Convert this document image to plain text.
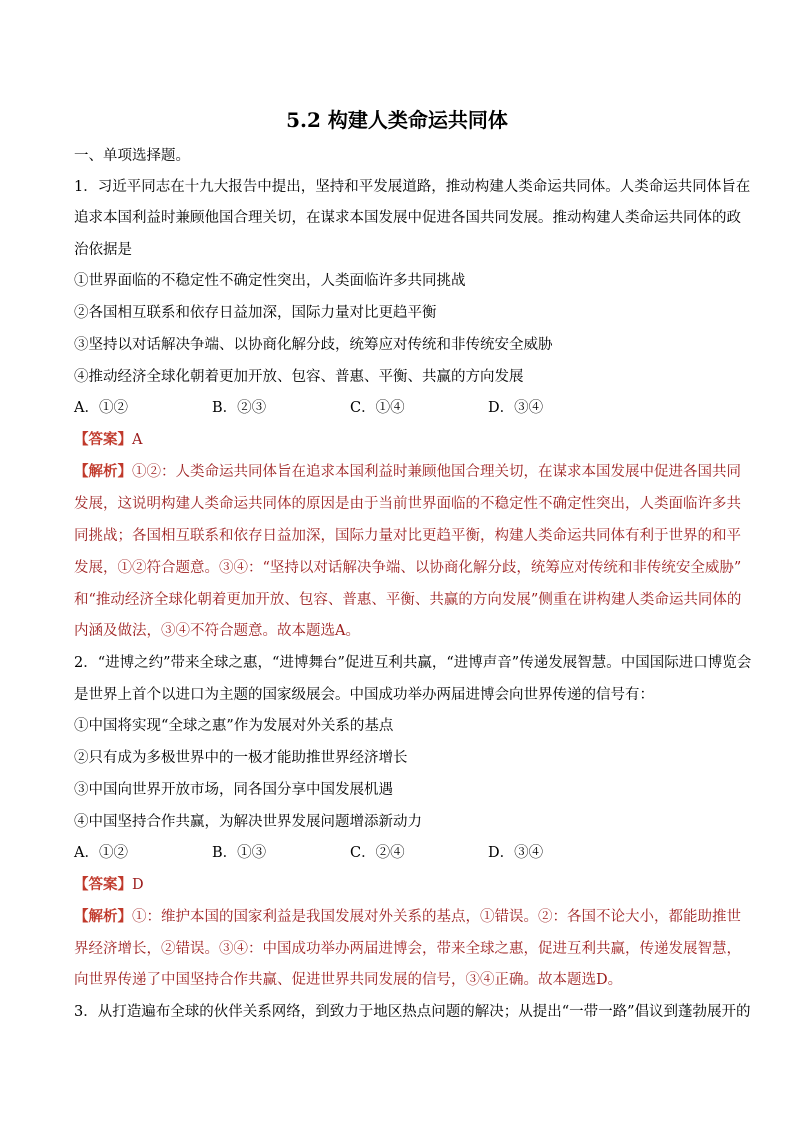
5.2 构建人类命运共同体
一、单项选择题。
1．习近平同志在十九大报告中提出，坚持和平发展道路，推动构建人类命运共同体。人类命运共同体旨在
追求本国利益时兼顾他国合理关切，在谋求本国发展中促进各国共同发展。推动构建人类命运共同体的政
治依据是
①世界面临的不稳定性不确定性突出，人类面临许多共同挑战
②各国相互联系和依存日益加深，国际力量对比更趋平衡
③坚持以对话解决争端、以协商化解分歧，统筹应对传统和非传统安全威胁
④推动经济全球化朝着更加开放、包容、普惠、平衡、共赢的方向发展
A．①②	B．②③	C．①④	D．③④
【答案】A
【解析】①②：人类命运共同体旨在追求本国利益时兼顾他国合理关切，在谋求本国发展中促进各国共同
发展，这说明构建人类命运共同体的原因是由于当前世界面临的不稳定性不确定性突出，人类面临许多共
同挑战；各国相互联系和依存日益加深，国际力量对比更趋平衡，构建人类命运共同体有利于世界的和平
发展，①②符合题意。③④：“坚持以对话解决争端、以协商化解分歧，统筹应对传统和非传统安全威胁”
和“推动经济全球化朝着更加开放、包容、普惠、平衡、共赢的方向发展”侧重在讲构建人类命运共同体的
内涵及做法，③④不符合题意。故本题选A。
2．“进博之约”带来全球之惠，“进博舞台”促进互利共赢，“进博声音”传递发展智慧。中国国际进口博览会
是世界上首个以进口为主题的国家级展会。中国成功举办两届进博会向世界传递的信号有：
①中国将实现“全球之惠”作为发展对外关系的基点
②只有成为多极世界中的一极才能助推世界经济增长
③中国向世界开放市场，同各国分享中国发展机遇
④中国坚持合作共赢，为解决世界发展问题增添新动力
A．①②	B．①③	C．②④	D．③④
【答案】D
【解析】①：维护本国的国家利益是我国发展对外关系的基点，①错误。②：各国不论大小，都能助推世
界经济增长，②错误。③④：中国成功举办两届进博会，带来全球之惠，促进互利共赢，传递发展智慧，
向世界传递了中国坚持合作共赢、促进世界共同发展的信号，③④正确。故本题选D。
3．从打造遍布全球的伙伴关系网络，到致力于地区热点问题的解决；从提出“一带一路”倡议到蓬勃展开的
